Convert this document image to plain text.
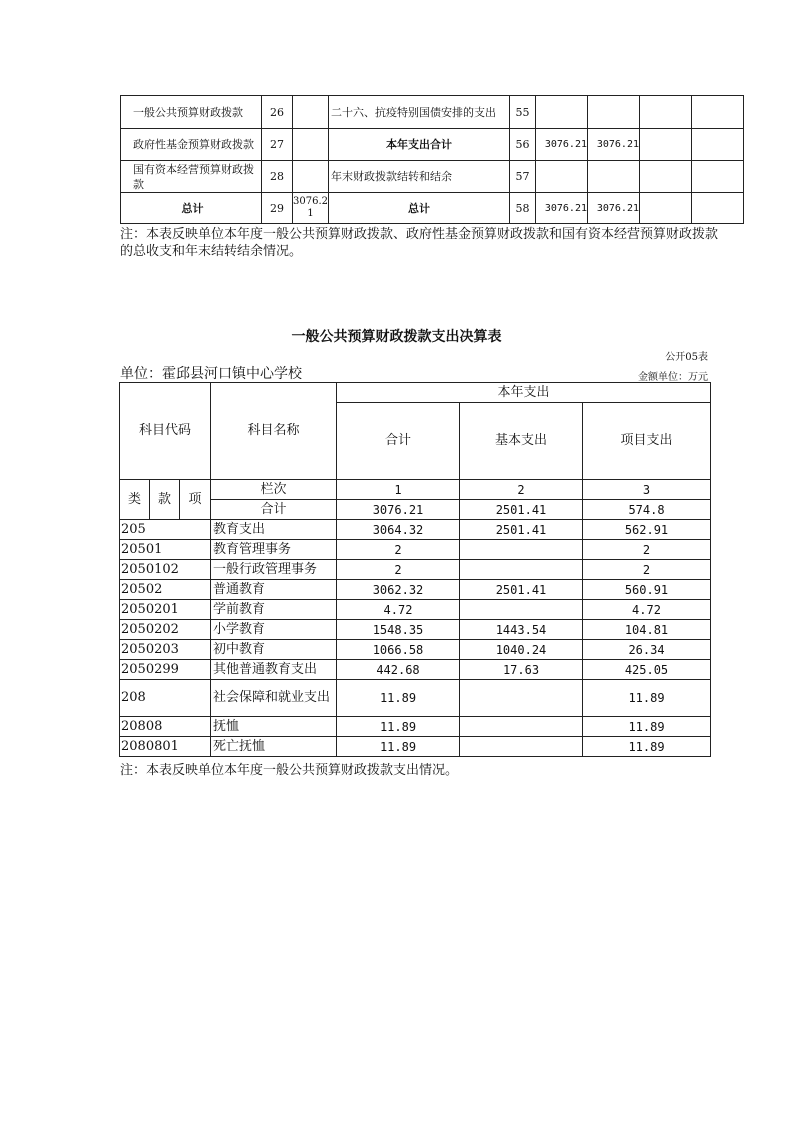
一般公共预算财政拨款	26		二十六、抗疫特别国债安排的支出	55				
政府性基金预算财政拨款	27		本年支出合计	56	3076.21	3076.21		
国有资本经营预算财政拨款	28		年末财政拨款结转和结余	57				
总计	29	3076.21	总计	58	3076.21	3076.21		
注：本表反映单位本年度一般公共预算财政拨款、政府性基金预算财政拨款和国有资本经营预算财政拨款的总收支和年末结转结余情况。
一般公共预算财政拨款支出决算表
公开05表
单位：霍邱县河口镇中心学校	金额单位：万元
科目代码			科目名称	本年支出		
				合计	基本支出	项目支出
类	款	项	栏次	1	2	3
			合计	3076.21	2501.41	574.8
205			教育支出	3064.32	2501.41	562.91
20501			教育管理事务	2		2
2050102			一般行政管理事务	2		2
20502			普通教育	3062.32	2501.41	560.91
2050201			学前教育	4.72		4.72
2050202			小学教育	1548.35	1443.54	104.81
2050203			初中教育	1066.58	1040.24	26.34
2050299			其他普通教育支出	442.68	17.63	425.05
208			社会保障和就业支出	11.89		11.89
20808			抚恤	11.89		11.89
2080801			死亡抚恤	11.89		11.89
注：本表反映单位本年度一般公共预算财政拨款支出情况。
